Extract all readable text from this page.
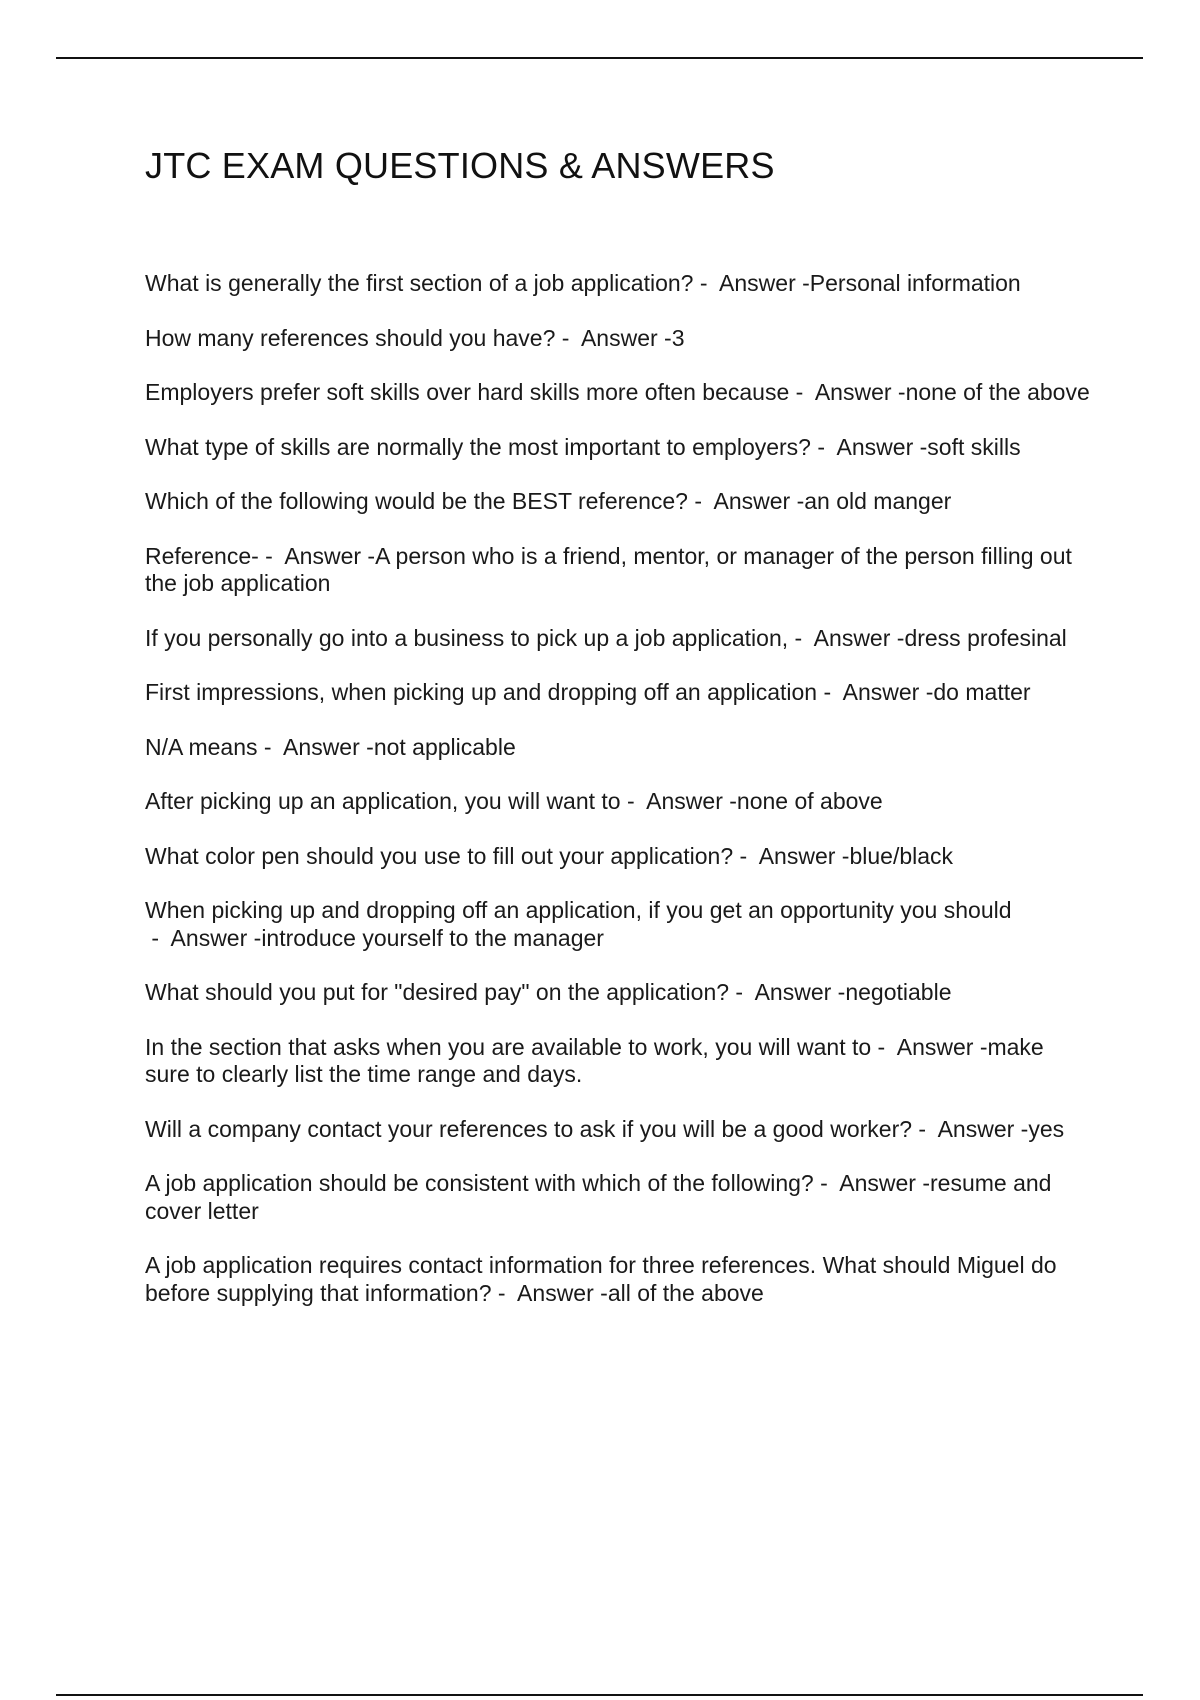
JTC EXAM QUESTIONS & ANSWERS
What is generally the first section of a job application? -  Answer -Personal information
How many references should you have? -  Answer -3
Employers prefer soft skills over hard skills more often because -  Answer -none of the above
What type of skills are normally the most important to employers? -  Answer -soft skills
Which of the following would be the BEST reference? -  Answer -an old manger
Reference- -  Answer -A person who is a friend, mentor, or manager of the person filling out the job application
If you personally go into a business to pick up a job application, -  Answer -dress profesinal
First impressions, when picking up and dropping off an application -  Answer -do matter
N/A means -  Answer -not applicable
After picking up an application, you will want to -  Answer -none of above
What color pen should you use to fill out your application? -  Answer -blue/black
When picking up and dropping off an application, if you get an opportunity you should -  Answer -introduce yourself to the manager
What should you put for "desired pay" on the application? -  Answer -negotiable
In the section that asks when you are available to work, you will want to -  Answer -make sure to clearly list the time range and days.
Will a company contact your references to ask if you will be a good worker? -  Answer -yes
A job application should be consistent with which of the following? -  Answer -resume and cover letter
A job application requires contact information for three references. What should Miguel do before supplying that information? -  Answer -all of the above
